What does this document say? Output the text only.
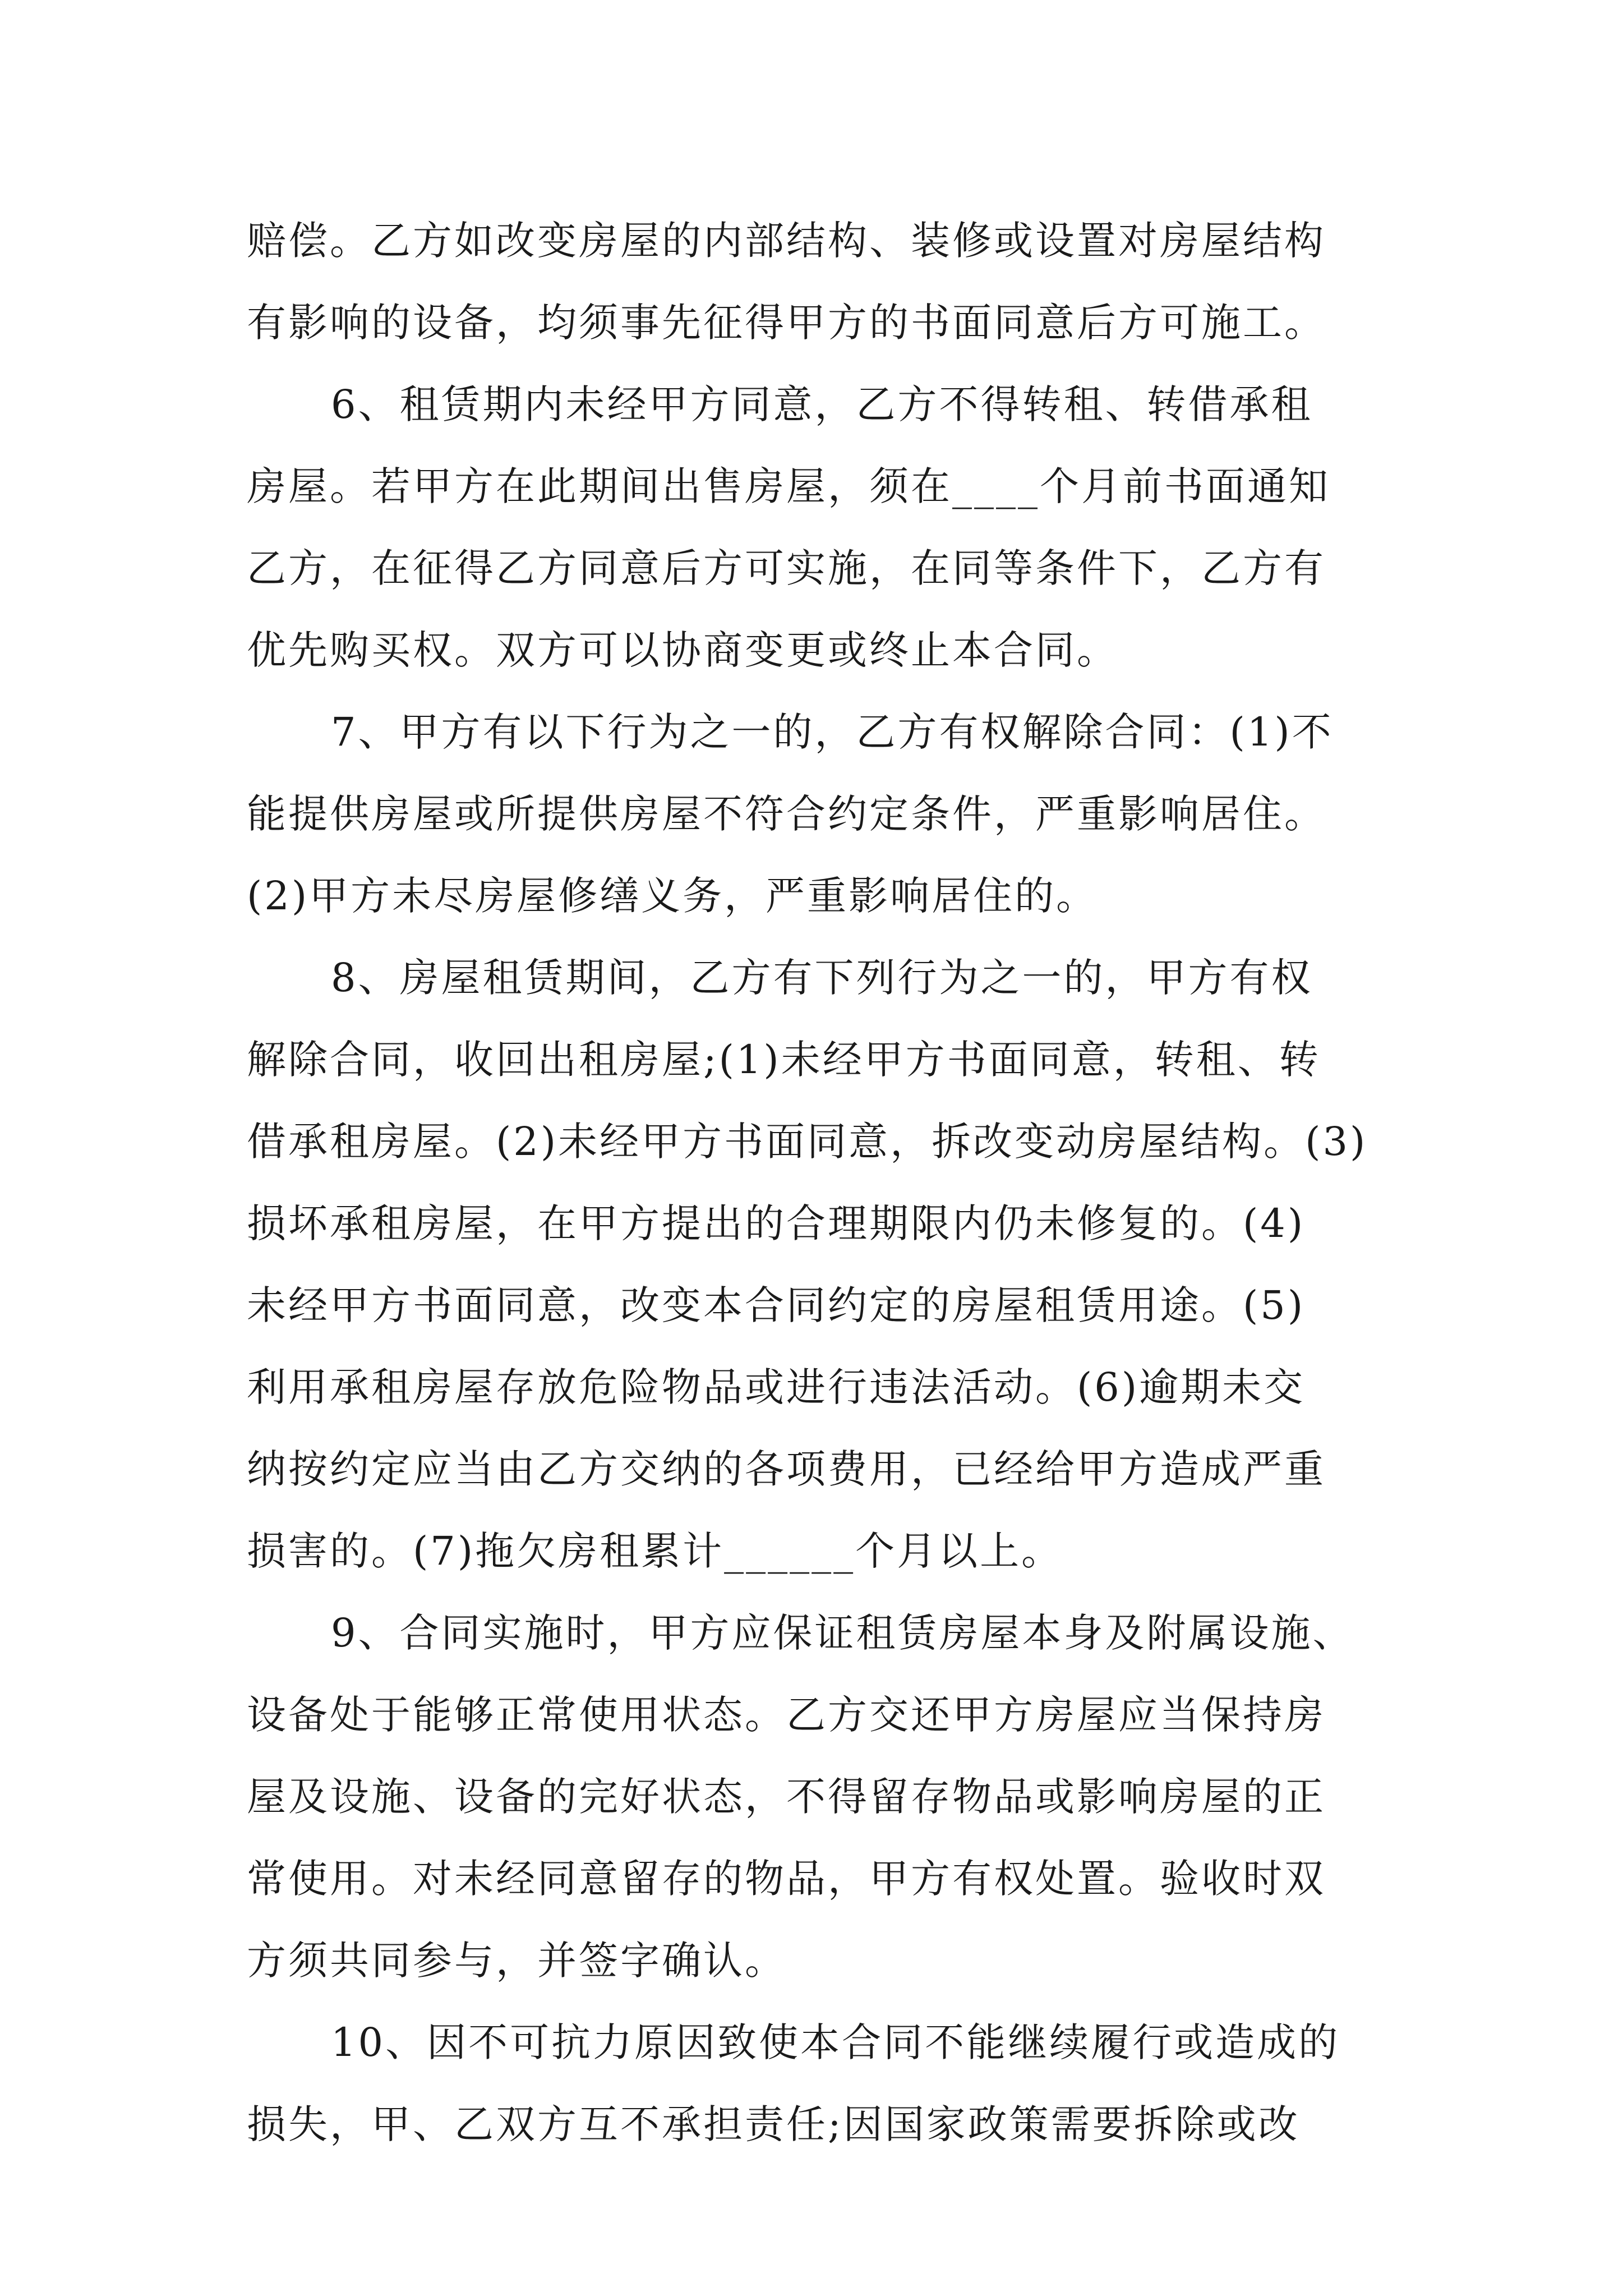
赔偿。乙方如改变房屋的内部结构、装修或设置对房屋结构
有影响的设备，均须事先征得甲方的书面同意后方可施工。
6、租赁期内未经甲方同意，乙方不得转租、转借承租
房屋。若甲方在此期间出售房屋，须在____个月前书面通知
乙方，在征得乙方同意后方可实施，在同等条件下，乙方有
优先购买权。双方可以协商变更或终止本合同。
7、甲方有以下行为之一的，乙方有权解除合同：(1)不
能提供房屋或所提供房屋不符合约定条件，严重影响居住。
(2)甲方未尽房屋修缮义务，严重影响居住的。
8、房屋租赁期间，乙方有下列行为之一的，甲方有权
解除合同，收回出租房屋;(1)未经甲方书面同意，转租、转
借承租房屋。(2)未经甲方书面同意，拆改变动房屋结构。(3)
损坏承租房屋，在甲方提出的合理期限内仍未修复的。(4)
未经甲方书面同意，改变本合同约定的房屋租赁用途。(5)
利用承租房屋存放危险物品或进行违法活动。(6)逾期未交
纳按约定应当由乙方交纳的各项费用，已经给甲方造成严重
损害的。(7)拖欠房租累计______个月以上。
9、合同实施时，甲方应保证租赁房屋本身及附属设施、
设备处于能够正常使用状态。乙方交还甲方房屋应当保持房
屋及设施、设备的完好状态，不得留存物品或影响房屋的正
常使用。对未经同意留存的物品，甲方有权处置。验收时双
方须共同参与，并签字确认。
10、因不可抗力原因致使本合同不能继续履行或造成的
损失，甲、乙双方互不承担责任;因国家政策需要拆除或改
